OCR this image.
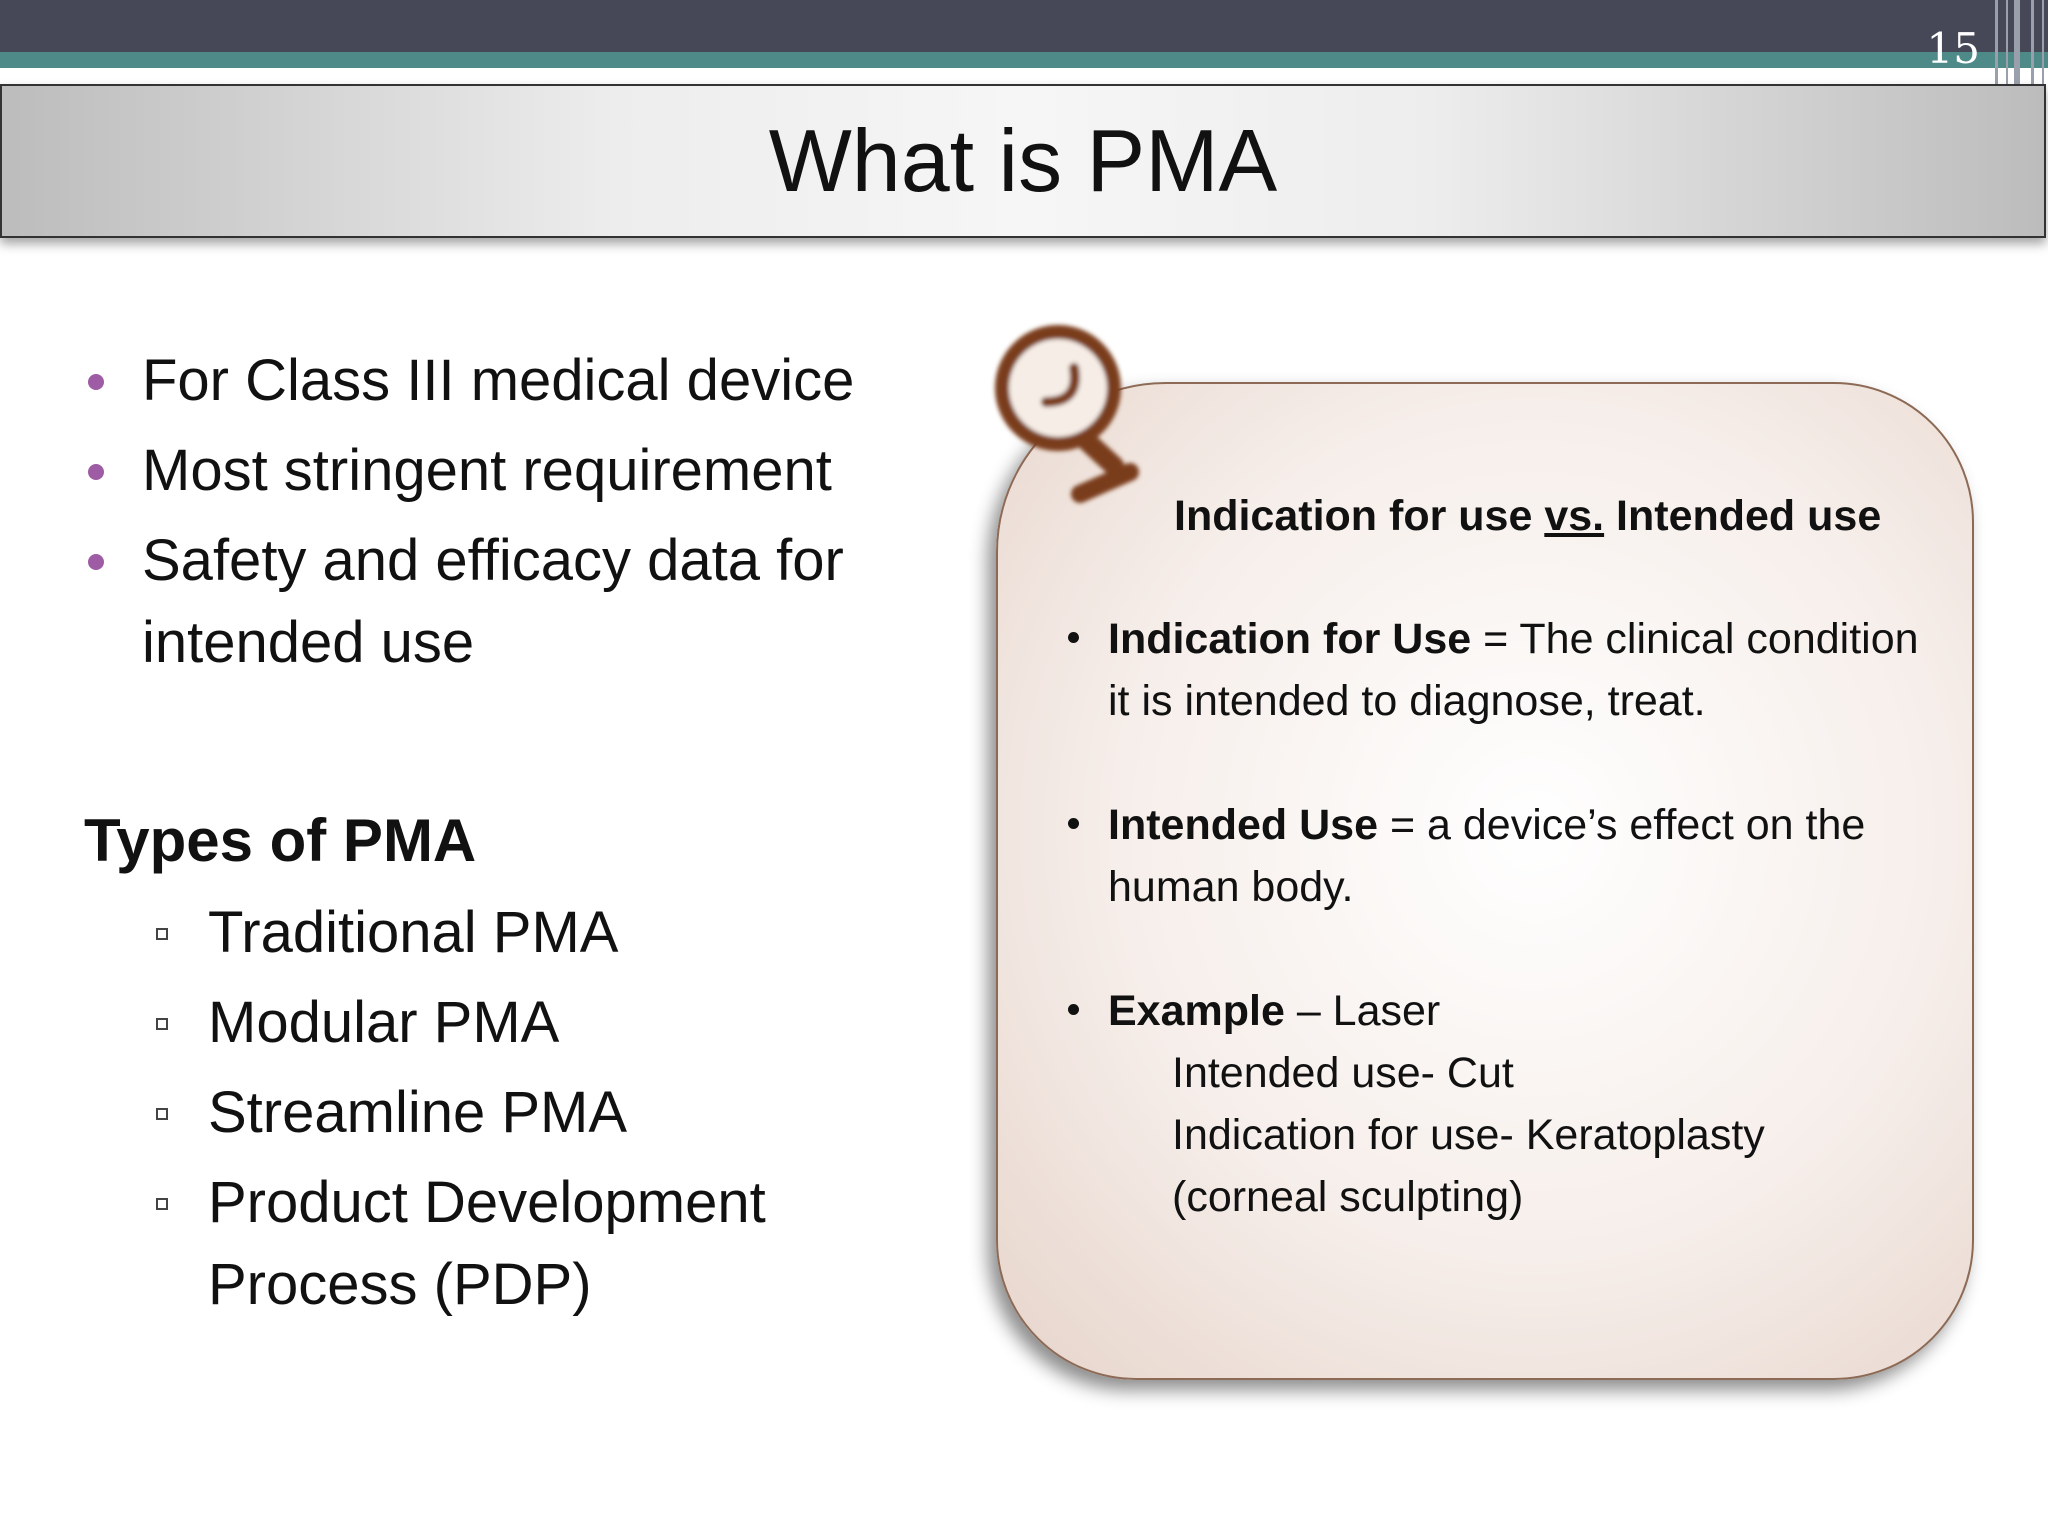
15
What is PMA
For Class III medical device
Most stringent requirement
Safety and efficacy data for intended use
Types of PMA
Traditional PMA
Modular PMA
Streamline PMA
Product Development Process (PDP)
Indication for use vs. Intended use
Indication for Use = The clinical condition it is intended to diagnose, treat.
Intended Use = a device’s effect on the human body.
Example – Laser
Intended use- Cut
Indication for use- Keratoplasty
(corneal sculpting)
